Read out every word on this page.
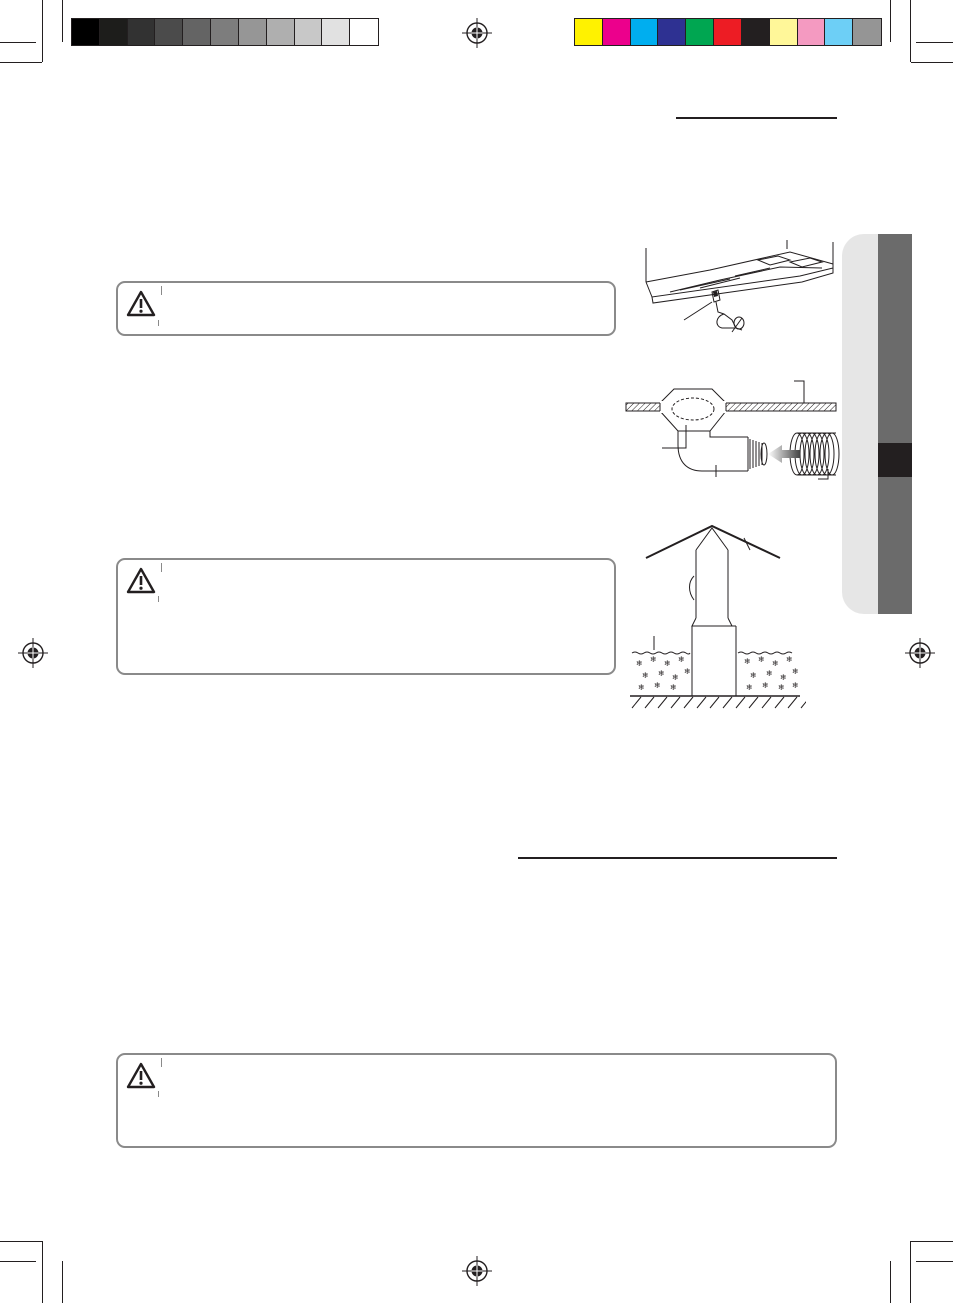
❄ ❄ ❄ ❄
❄ ❄ ❄
❄
❄ ❄ ❄
❄ ❄ ❄ ❄
❄ ❄ ❄
❄
❄ ❄ ❄ ❄
